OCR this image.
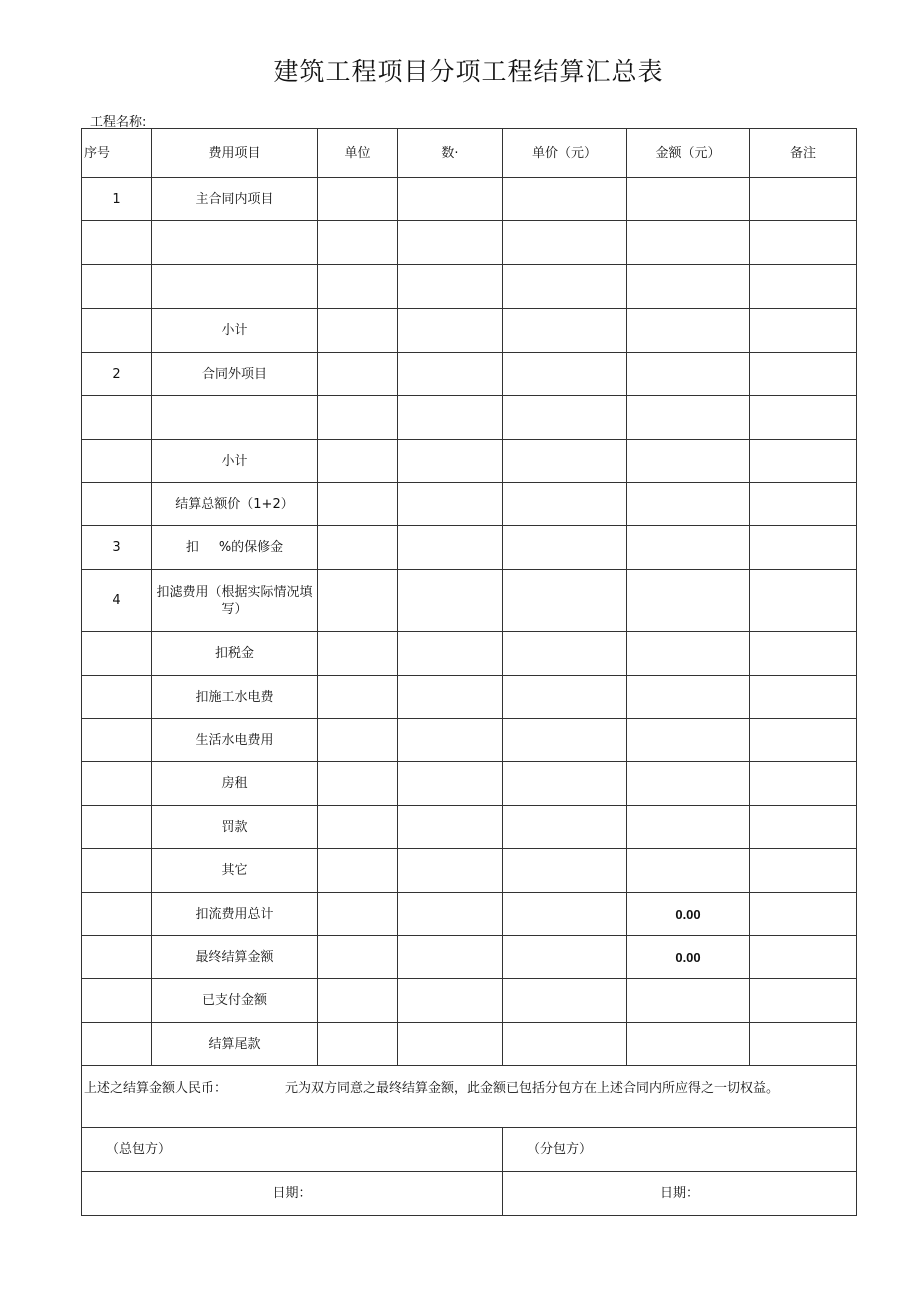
建筑工程项目分项工程结算汇总表
工程名称:
序号	费用项目	单位	数·	单价（元）	金额（元）	备注
1	主合同内项目					

	小计					
2	合同外项目					

	小计					
	结算总额价（1+2）					
3	扣 %的保修金					
4	扣滤费用（根据实际情况填写）					
	扣税金					
	扣施工水电费					
	生活水电费用					
	房租					
	罚款					
	其它					
	扣流费用总计				0.00	
	最终结算金额				0.00	
	已支付金额					
	结算尾款					
上述之结算金额人民币： 元为双方同意之最终结算金额，此金额已包括分包方在上述合同内所应得之一切权益。						
（总包方）				（分包方）		
日期：				日期：		
